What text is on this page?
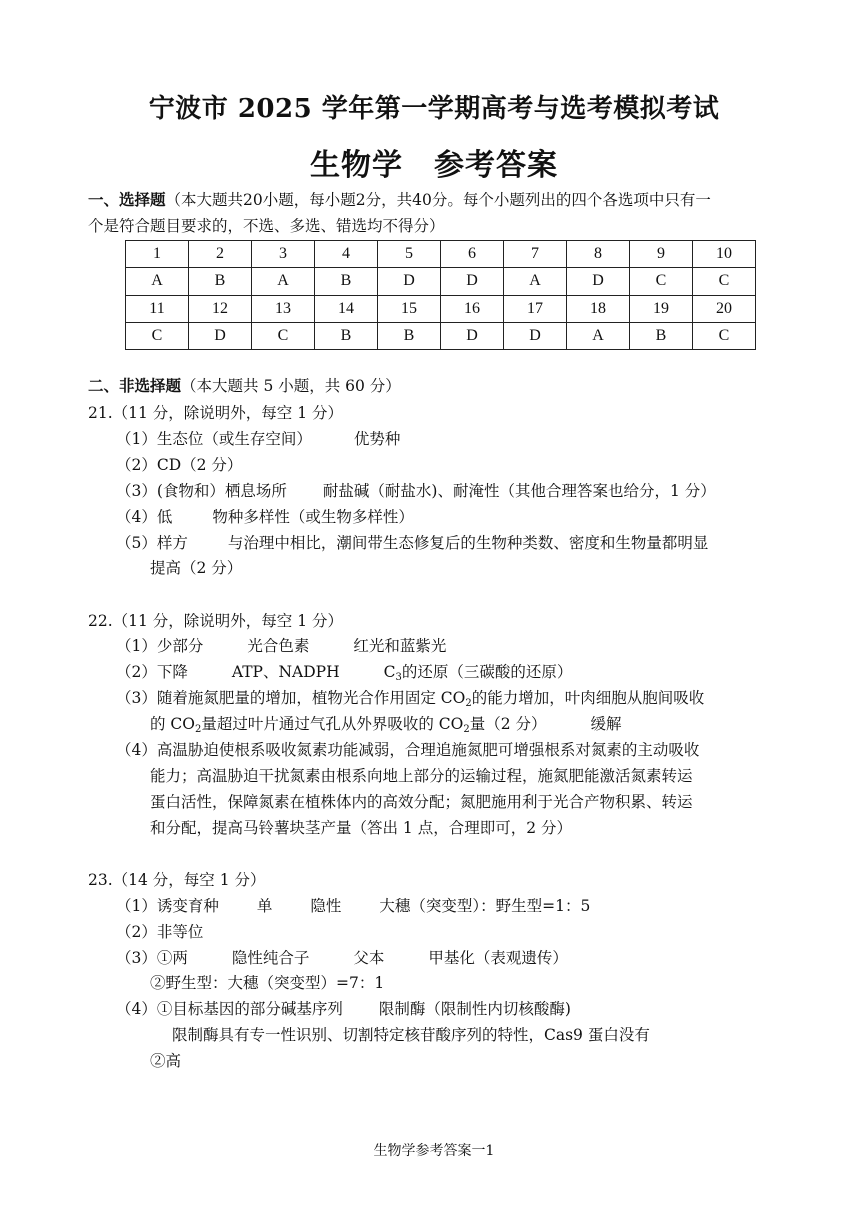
宁波市 2025 学年第一学期高考与选考模拟考试
生物学　参考答案
一、选择题（本大题共20小题，每小题2分，共40分。每个小题列出的四个各选项中只有一
个是符合题目要求的，不选、多选、错选均不得分）
1	2	3	4	5	6	7	8	9	10
A	B	A	B	D	D	A	D	C	C
11	12	13	14	15	16	17	18	19	20
C	D	C	B	B	D	D	A	B	C
二、非选择题（本大题共 5 小题，共 60 分）
21.（11 分，除说明外，每空 1 分）
（1）生态位（或生存空间）	优势种
（2）CD（2 分）
（3）(食物和）栖息场所 耐盐碱（耐盐水)、耐淹性（其他合理答案也给分，1 分）
（4）低	物种多样性（或生物多样性）
（5）样方	与治理中相比，潮间带生态修复后的生物种类数、密度和生物量都明显
提高（2 分）
22.（11 分，除说明外，每空 1 分）
（1）少部分	光合色素	红光和蓝紫光
（2）下降	ATP、NADPH	$C_3$的还原（三碳酸的还原）
（3）随着施氮肥量的增加，植物光合作用固定 $CO_2$的能力增加，叶肉细胞从胞间吸收
的 $CO_2$量超过叶片通过气孔从外界吸收的 $CO_2$量（2 分）	缓解
（4）高温胁迫使根系吸收氮素功能减弱，合理追施氮肥可增强根系对氮素的主动吸收
能力；高温胁迫干扰氮素由根系向地上部分的运输过程，施氮肥能激活氮素转运
蛋白活性，保障氮素在植株体内的高效分配；氮肥施用利于光合产物积累、转运
和分配，提高马铃薯块茎产量（答出 1 点，合理即可，2 分）
23.（14 分，每空 1 分）
（1）诱变育种 单 隐性 大穗（突变型）：野生型=1：5
（2）非等位
（3）①两	隐性纯合子	父本	甲基化（表观遗传）
②野生型：大穗（突变型）=7：1
（4）①目标基因的部分碱基序列 限制酶（限制性内切核酸酶)
限制酶具有专一性识别、切割特定核苷酸序列的特性，Cas9 蛋白没有
②高
生物学参考答案一1
